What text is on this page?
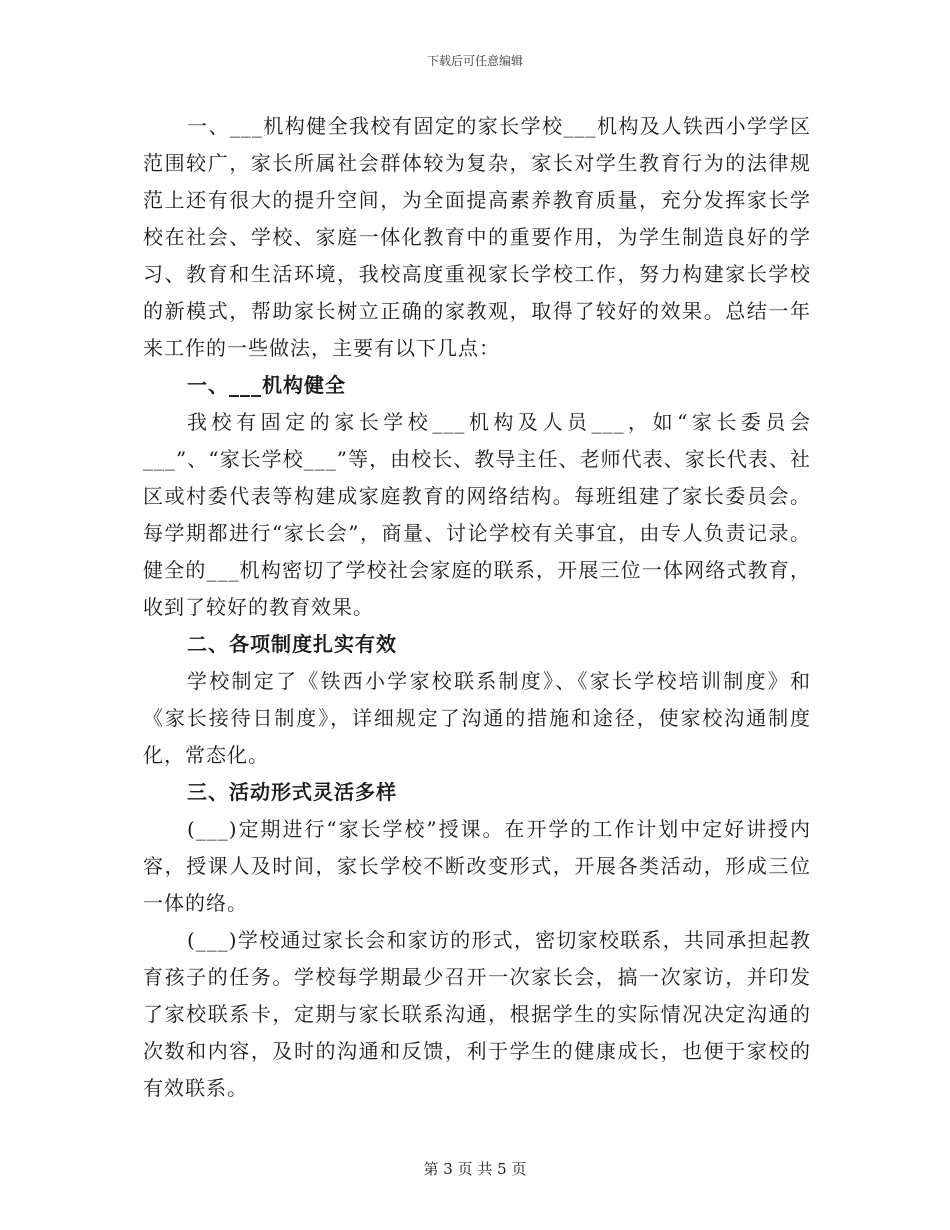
下载后可任意编辑

一、___机构健全我校有固定的家长学校___机构及人铁西小学学区范围较广，家长所属社会群体较为复杂，家长对学生教育行为的法律规范上还有很大的提升空间，为全面提高素养教育质量，充分发挥家长学校在社会、学校、家庭一体化教育中的重要作用，为学生制造良好的学习、教育和生活环境，我校高度重视家长学校工作，努力构建家长学校的新模式，帮助家长树立正确的家教观，取得了较好的效果。总结一年来工作的一些做法，主要有以下几点：

一、___机构健全

我校有固定的家长学校___机构及人员___，如“家长委员会___”、“家长学校___”等，由校长、教导主任、老师代表、家长代表、社区或村委代表等构建成家庭教育的网络结构。每班组建了家长委员会。每学期都进行“家长会”，商量、讨论学校有关事宜，由专人负责记录。健全的___机构密切了学校社会家庭的联系，开展三位一体网络式教育，收到了较好的教育效果。

二、各项制度扎实有效

学校制定了《铁西小学家校联系制度》、《家长学校培训制度》和《家长接待日制度》，详细规定了沟通的措施和途径，使家校沟通制度化，常态化。

三、活动形式灵活多样

(___)定期进行“家长学校”授课。在开学的工作计划中定好讲授内容，授课人及时间，家长学校不断改变形式，开展各类活动，形成三位一体的络。

(___)学校通过家长会和家访的形式，密切家校联系，共同承担起教育孩子的任务。学校每学期最少召开一次家长会，搞一次家访，并印发了家校联系卡，定期与家长联系沟通，根据学生的实际情况决定沟通的次数和内容，及时的沟通和反馈，利于学生的健康成长，也便于家校的有效联系。

第 3 页 共 5 页
